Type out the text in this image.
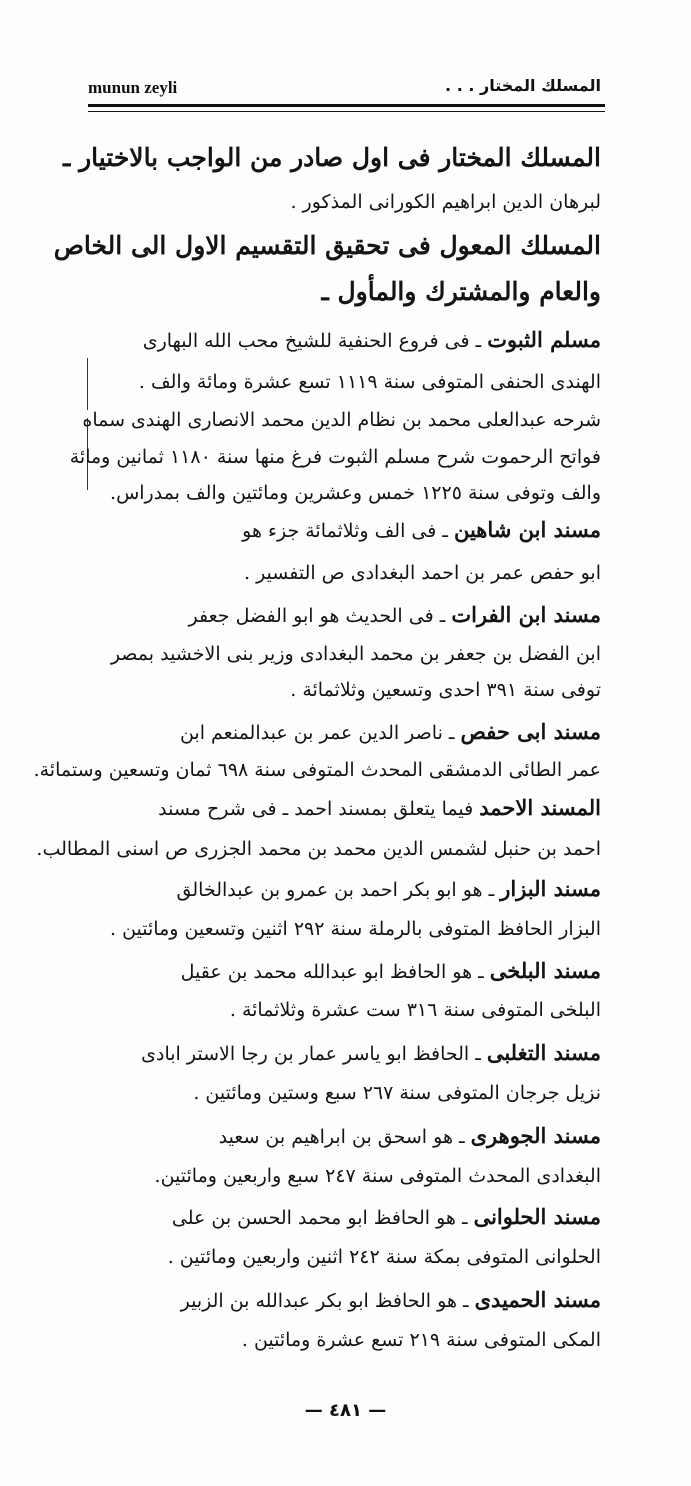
munun zeyli	المسلك المختار . . .
المسلك المختار فى اول صادر من الواجب بالاختيار ـ
لبرهان الدين ابراهيم الكورانى المذكور .
المسلك المعول فى تحقيق التقسيم الاول الى الخاص
والعام والمشترك والمأول ـ
مسلم الثبوت ـ فى فروع الحنفية للشيخ محب الله البهارى
الهندى الحنفى المتوفى سنة ١١١٩ تسع عشرة ومائة والف .
شرحه عبدالعلى محمد بن نظام الدين محمد الانصارى الهندى سماه
فواتح الرحموت شرح مسلم الثبوت فرغ منها سنة ١١٨٠ ثمانين ومائة
والف وتوفى سنة ١٢٢٥ خمس وعشرين ومائتين والف بمدراس.
مسند ابن شاهين ـ فى الف وثلاثمائة جزء هو
ابو حفص عمر بن احمد البغدادى ص التفسير .
مسند ابن الفرات ـ فى الحديث هو ابو الفضل جعفر
ابن الفضل بن جعفر بن محمد البغدادى وزير بنى الاخشيد بمصر
توفى سنة ٣٩١ احدى وتسعين وثلاثمائة .
مسند ابى حفص ـ ناصر الدين عمر بن عبدالمنعم ابن
عمر الطائى الدمشقى المحدث المتوفى سنة ٦٩٨ ثمان وتسعين وستمائة.
المسند الاحمد فيما يتعلق بمسند احمد ـ فى شرح مسند
احمد بن حنبل لشمس الدين محمد بن محمد الجزرى ص اسنى المطالب.
مسند البزار ـ هو ابو بكر احمد بن عمرو بن عبدالخالق
البزار الحافظ المتوفى بالرملة سنة ٢٩٢ اثنين وتسعين ومائتين .
مسند البلخى ـ هو الحافظ ابو عبدالله محمد بن عقيل
البلخى المتوفى سنة ٣١٦ ست عشرة وثلاثمائة .
مسند التغلبى ـ الحافظ ابو ياسر عمار بن رجا الاستر ابادى
نزيل جرجان المتوفى سنة ٢٦٧ سبع وستين ومائتين .
مسند الجوهرى ـ هو اسحق بن ابراهيم بن سعيد
البغدادى المحدث المتوفى سنة ٢٤٧ سبع واربعين ومائتين.
مسند الحلوانى ـ هو الحافظ ابو محمد الحسن بن على
الحلوانى المتوفى بمكة سنة ٢٤٢ اثنين واربعين ومائتين .
مسند الحميدى ـ هو الحافظ ابو بكر عبدالله بن الزبير
المكى المتوفى سنة ٢١٩ تسع عشرة ومائتين .
— ٤٨١ —
